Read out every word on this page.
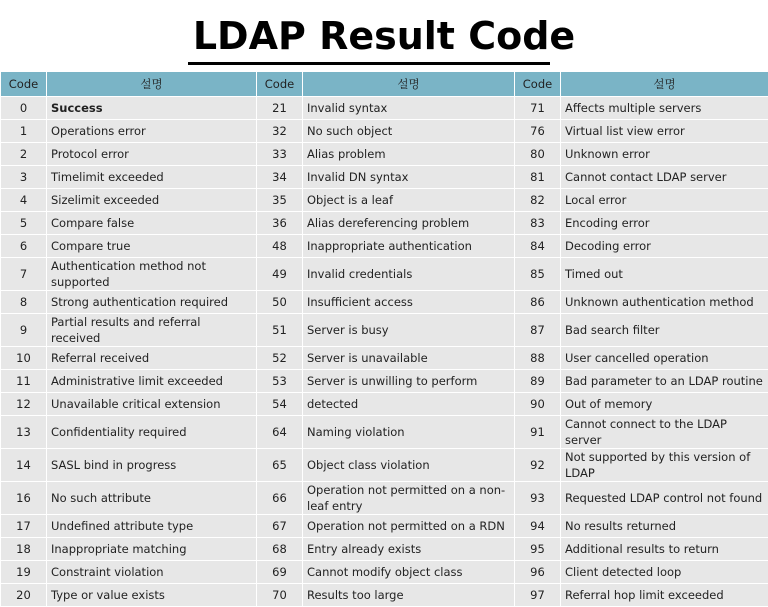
LDAP Result Code
Code	설명	Code	설명	Code	설명
0	Success	21	Invalid syntax	71	Affects multiple servers
1	Operations error	32	No such object	76	Virtual list view error
2	Protocol error	33	Alias problem	80	Unknown error
3	Timelimit exceeded	34	Invalid DN syntax	81	Cannot contact LDAP server
4	Sizelimit exceeded	35	Object is a leaf	82	Local error
5	Compare false	36	Alias dereferencing problem	83	Encoding error
6	Compare true	48	Inappropriate authentication	84	Decoding error
7	Authentication method not supported	49	Invalid credentials	85	Timed out
8	Strong authentication required	50	Insufficient access	86	Unknown authentication method
9	Partial results and referral received	51	Server is busy	87	Bad search filter
10	Referral received	52	Server is unavailable	88	User cancelled operation
11	Administrative limit exceeded	53	Server is unwilling to perform	89	Bad parameter to an LDAP routine
12	Unavailable critical extension	54	detected	90	Out of memory
13	Confidentiality required	64	Naming violation	91	Cannot connect to the LDAP server
14	SASL bind in progress	65	Object class violation	92	Not supported by this version of LDAP
16	No such attribute	66	Operation not permitted on a non-leaf entry	93	Requested LDAP control not found
17	Undefined attribute type	67	Operation not permitted on a RDN	94	No results returned
18	Inappropriate matching	68	Entry already exists	95	Additional results to return
19	Constraint violation	69	Cannot modify object class	96	Client detected loop
20	Type or value exists	70	Results too large	97	Referral hop limit exceeded
